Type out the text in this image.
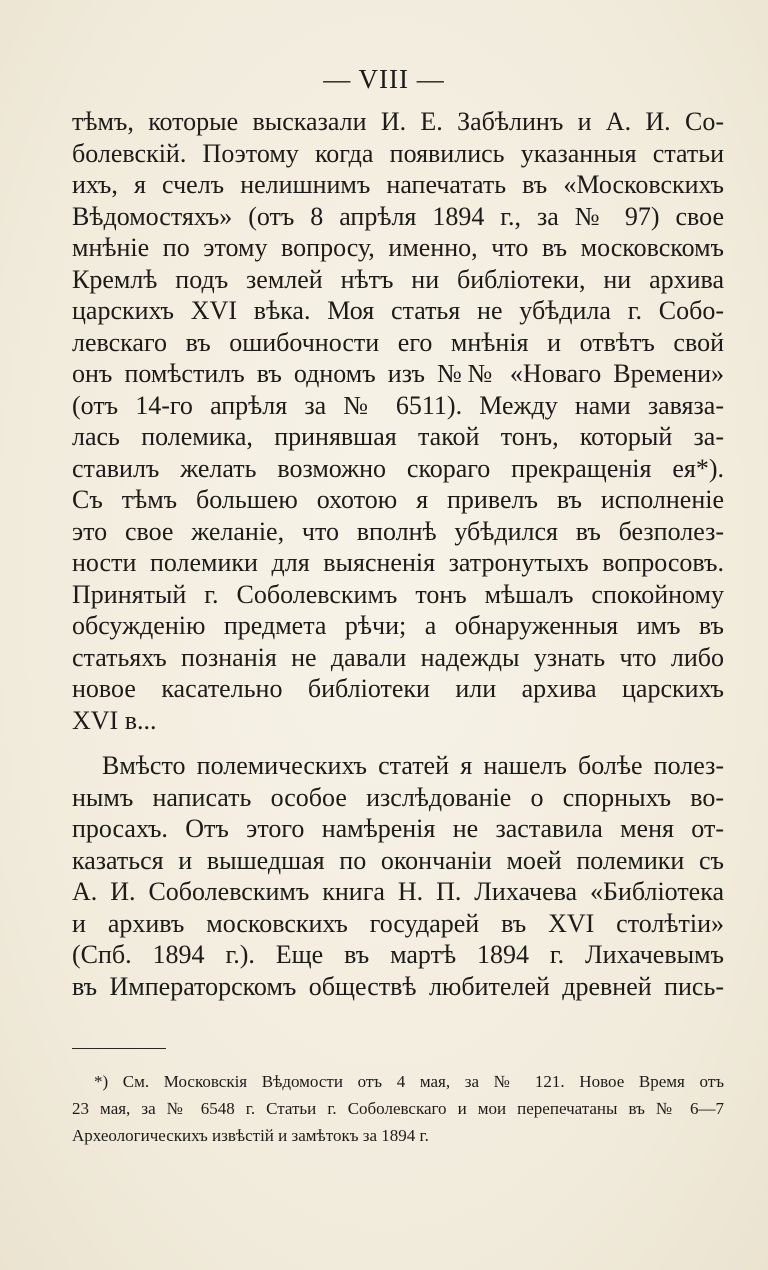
— VIII —
тѣмъ, которые высказали И. Е. Забѣлинъ и А. И. Со-
болевскій. Поэтому когда появились указанныя статьи
ихъ, я счелъ нелишнимъ напечатать въ «Московскихъ
Вѣдомостяхъ» (отъ 8 апрѣля 1894 г., за № 97) свое
мнѣніе по этому вопросу, именно, что въ московскомъ
Кремлѣ подъ землей нѣтъ ни библіотеки, ни архива
царскихъ XVI вѣка. Моя статья не убѣдила г. Собо-
левскаго въ ошибочности его мнѣнія и отвѣтъ свой
онъ помѣстилъ въ одномъ изъ №№ «Новаго Времени»
(отъ 14-го апрѣля за № 6511). Между нами завяза-
лась полемика, принявшая такой тонъ, который за-
ставилъ желать возможно скораго прекращенія ея*).
Съ тѣмъ большею охотою я привелъ въ исполненіе
это свое желаніе, что вполнѣ убѣдился въ безполез-
ности полемики для выясненія затронутыхъ вопросовъ.
Принятый г. Соболевскимъ тонъ мѣшалъ спокойному
обсужденію предмета рѣчи; а обнаруженныя имъ въ
статьяхъ познанія не давали надежды узнать что либо
новое касательно библіотеки или архива царскихъ
XVI в...
Вмѣсто полемическихъ статей я нашелъ болѣе полез-
нымъ написать особое изслѣдованіе о спорныхъ во-
просахъ. Отъ этого намѣренія не заставила меня от-
казаться и вышедшая по окончаніи моей полемики съ
А. И. Соболевскимъ книга Н. П. Лихачева «Библіотека
и архивъ московскихъ государей въ XVI столѣтіи»
(Спб. 1894 г.). Еще въ мартѣ 1894 г. Лихачевымъ
въ Императорскомъ обществѣ любителей древней пись-
*) См. Московскія Вѣдомости отъ 4 мая, за № 121. Новое Время отъ
23 мая, за № 6548 г. Статьи г. Соболевскаго и мои перепечатаны въ № 6—7
Археологическихъ извѣстій и замѣтокъ за 1894 г.
